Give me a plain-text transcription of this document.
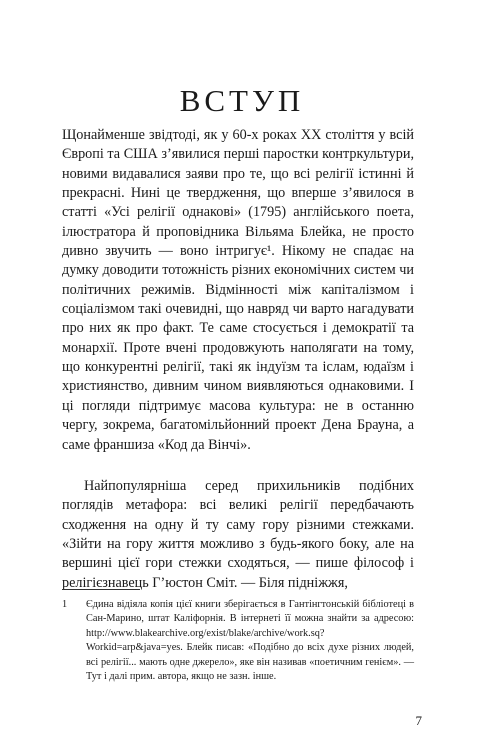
ВСТУП

Щонайменше звідтоді, як у 60-х роках XX століття у всій Європі та США з’явилися перші паростки контркультури, новими видавалися заяви про те, що всі релігії істинні й прекрасні. Нині це твердження, що вперше з’явилося в статті «Усі релігії однакові» (1795) англійського поета, ілюстратора й проповідника Вільяма Блейка, не просто дивно звучить — воно інтригує¹. Нікому не спадає на думку доводити тотожність різних економічних систем чи політичних режимів. Відмінності між капіталізмом і соціалізмом такі очевидні, що навряд чи варто нагадувати про них як про факт. Те саме стосується і демократії та монархії. Проте вчені продовжують наполягати на тому, що конкурентні релігії, такі як індуїзм та іслам, юдаїзм і християнство, дивним чином виявляються однаковими. І ці погляди підтримує масова культура: не в останню чергу, зокрема, багатомільйонний проект Дена Брауна, а саме франшиза «Код да Вінчі».

Найпопулярніша серед прихильників подібних поглядів метафора: всі великі релігії передбачають сходження на одну й ту саму гору різними стежками. «Зійти на гору життя можливо з будь-якого боку, але на вершині цієї гори стежки сходяться, — пише філософ і релігієзнавець Г’юстон Сміт. — Біля підніжжя,

1 Єдина відіяла копія цієї книги зберігається в Гантінгтонській бібліотеці в Сан-Марино, штат Каліфорнія. В інтернеті її можна знайти за адресою: http://www.blakearchive.org/exist/blake/archive/work.sq?Workid=arp&java=yes. Блейк писав: «Подібно до всіх духе різних людей, всі релігії... мають одне джерело», яке він називав «поетичним генієм». — Тут і далі прим. автора, якщо не зазн. інше.
7
